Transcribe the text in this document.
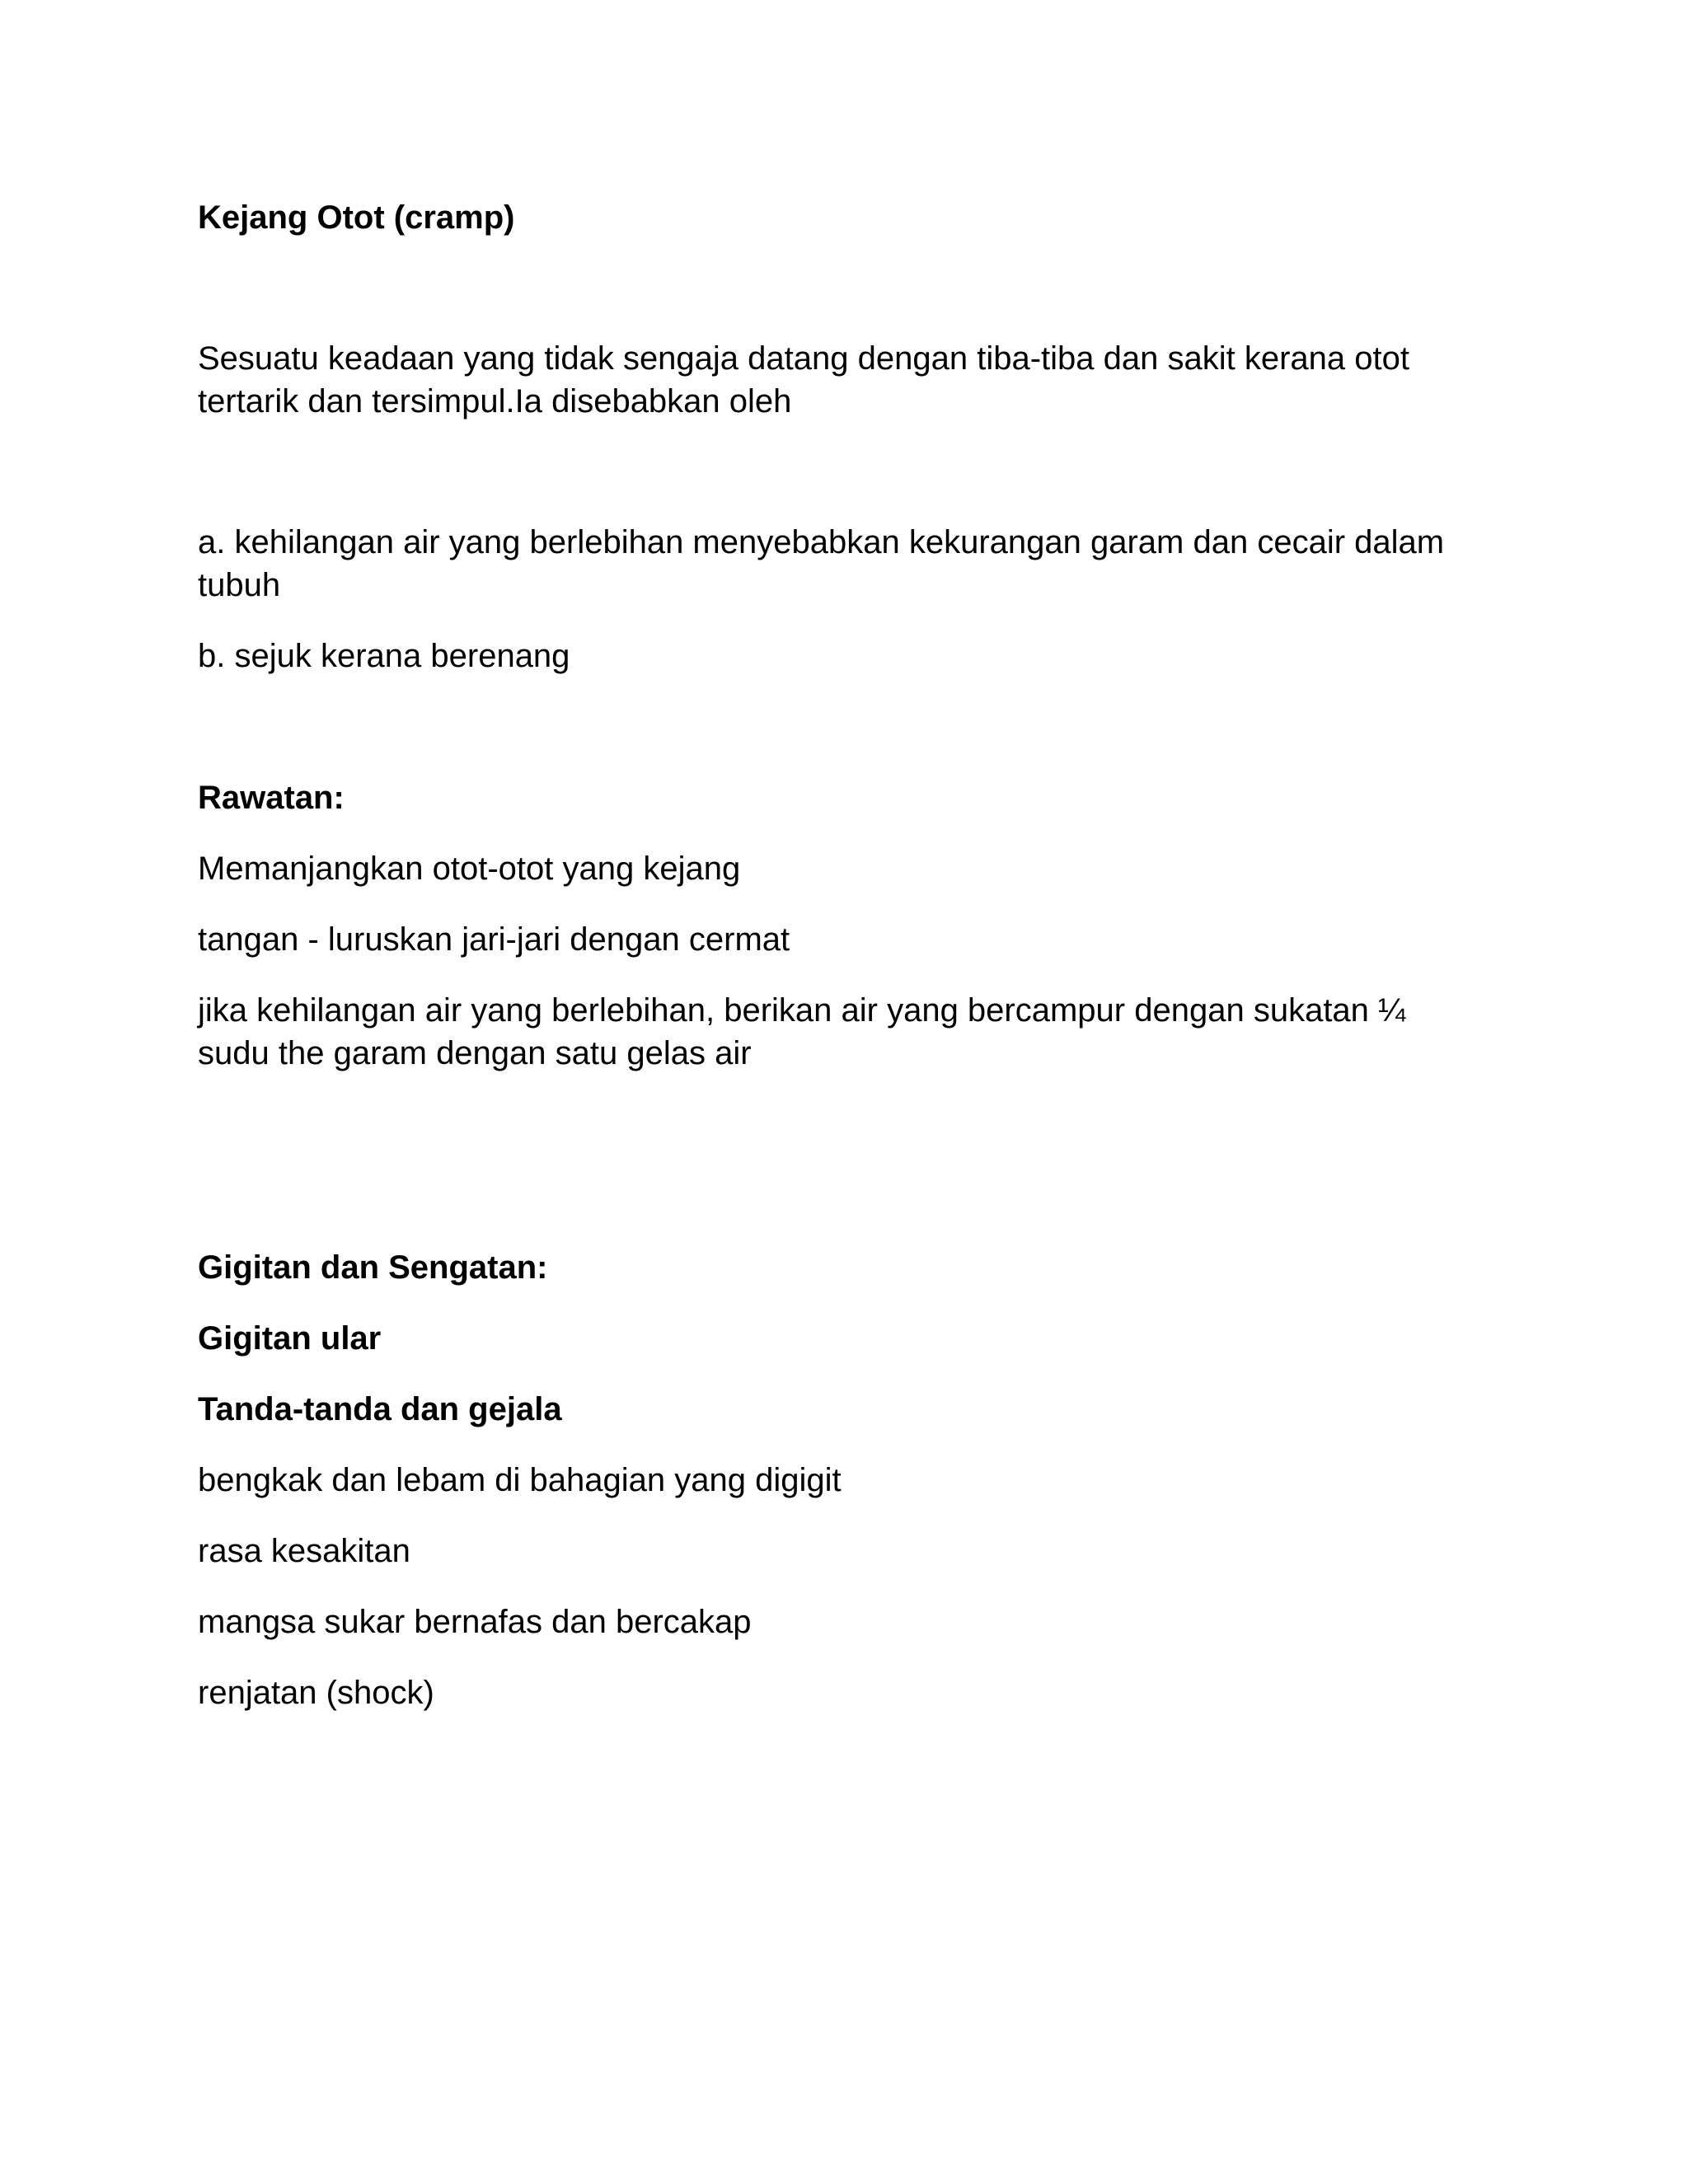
Kejang Otot (cramp)

Sesuatu keadaan yang tidak sengaja datang dengan tiba-tiba dan sakit kerana otot

tertarik dan tersimpul.Ia disebabkan oleh

a. kehilangan air yang berlebihan menyebabkan kekurangan garam dan cecair dalam

tubuh

b. sejuk kerana berenang

Rawatan:

Memanjangkan otot-otot yang kejang

tangan - luruskan jari-jari dengan cermat

jika kehilangan air yang berlebihan, berikan air yang bercampur dengan sukatan ¼

sudu the garam dengan satu gelas air

Gigitan dan Sengatan:
Gigitan ular
Tanda-tanda dan gejala

bengkak dan lebam di bahagian yang digigit

rasa kesakitan

mangsa sukar bernafas dan bercakap

renjatan (shock)
